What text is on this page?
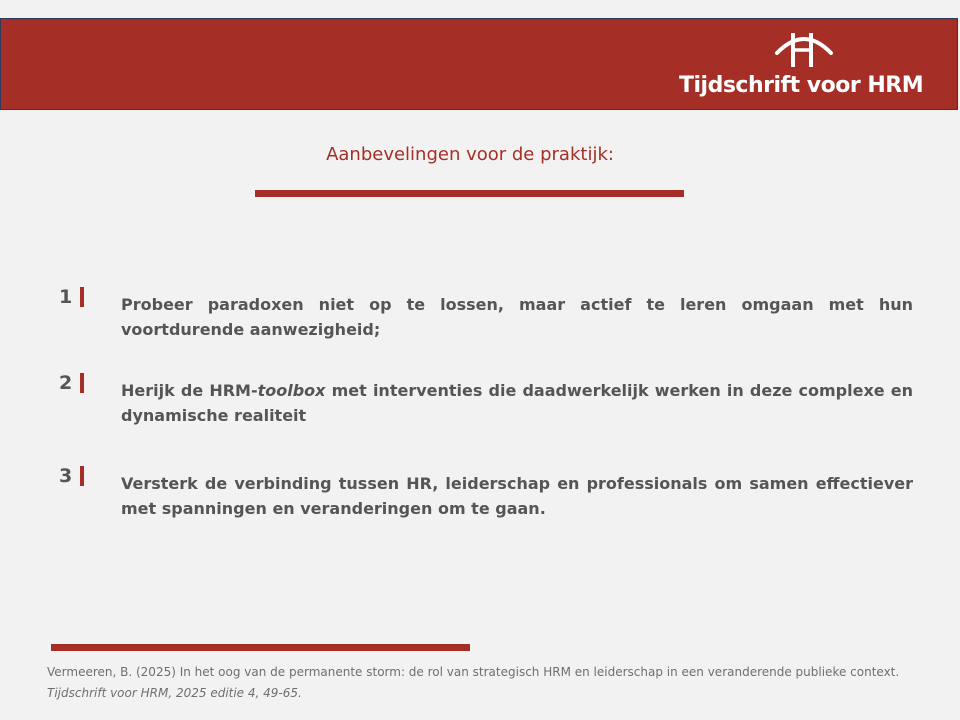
Tijdschrift voor HRM
Aanbevelingen voor de praktijk:
1	Probeer paradoxen niet op te lossen, maar actief te leren omgaan met hun voortdurende aanwezigheid;
2	Herijk de HRM-toolbox met interventies die daadwerkelijk werken in deze complexe en dynamische realiteit
3	Versterk de verbinding tussen HR, leiderschap en professionals om samen effectiever met spanningen en veranderingen om te gaan.
Vermeeren, B. (2025) In het oog van de permanente storm: de rol van strategisch HRM en leiderschap in een veranderende publieke context. Tijdschrift voor HRM, 2025 editie 4, 49-65.
